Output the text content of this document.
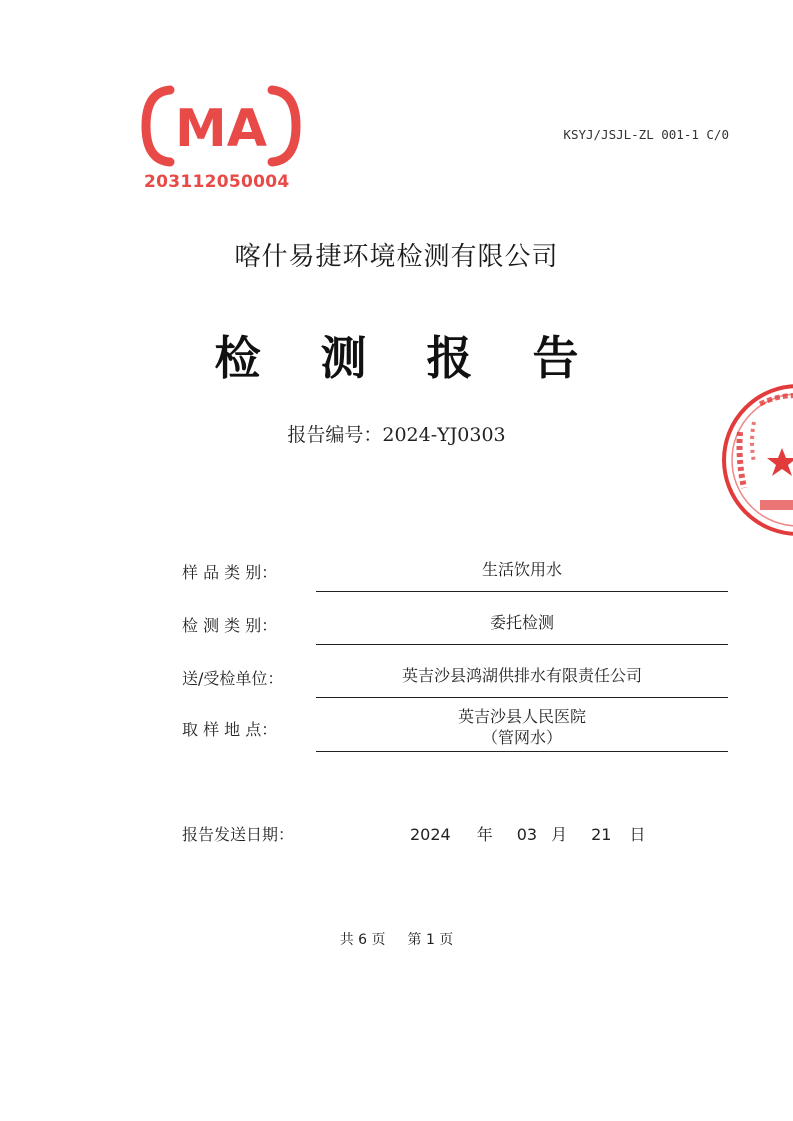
MA
203112050004
KSYJ/JSJL-ZL 001-1 C/0
喀什易捷环境检测有限公司
检 测 报 告
报告编号：2024-YJ0303
样 品 类 别：	生活饮用水
检 测 类 别：	委托检测
送/受检单位：	英吉沙县鸿湖供排水有限责任公司
取 样 地 点：
英吉沙县人民医院
（管网水）
报告发送日期：	2024 年 03 月 21 日
共 6 页 第 1 页
